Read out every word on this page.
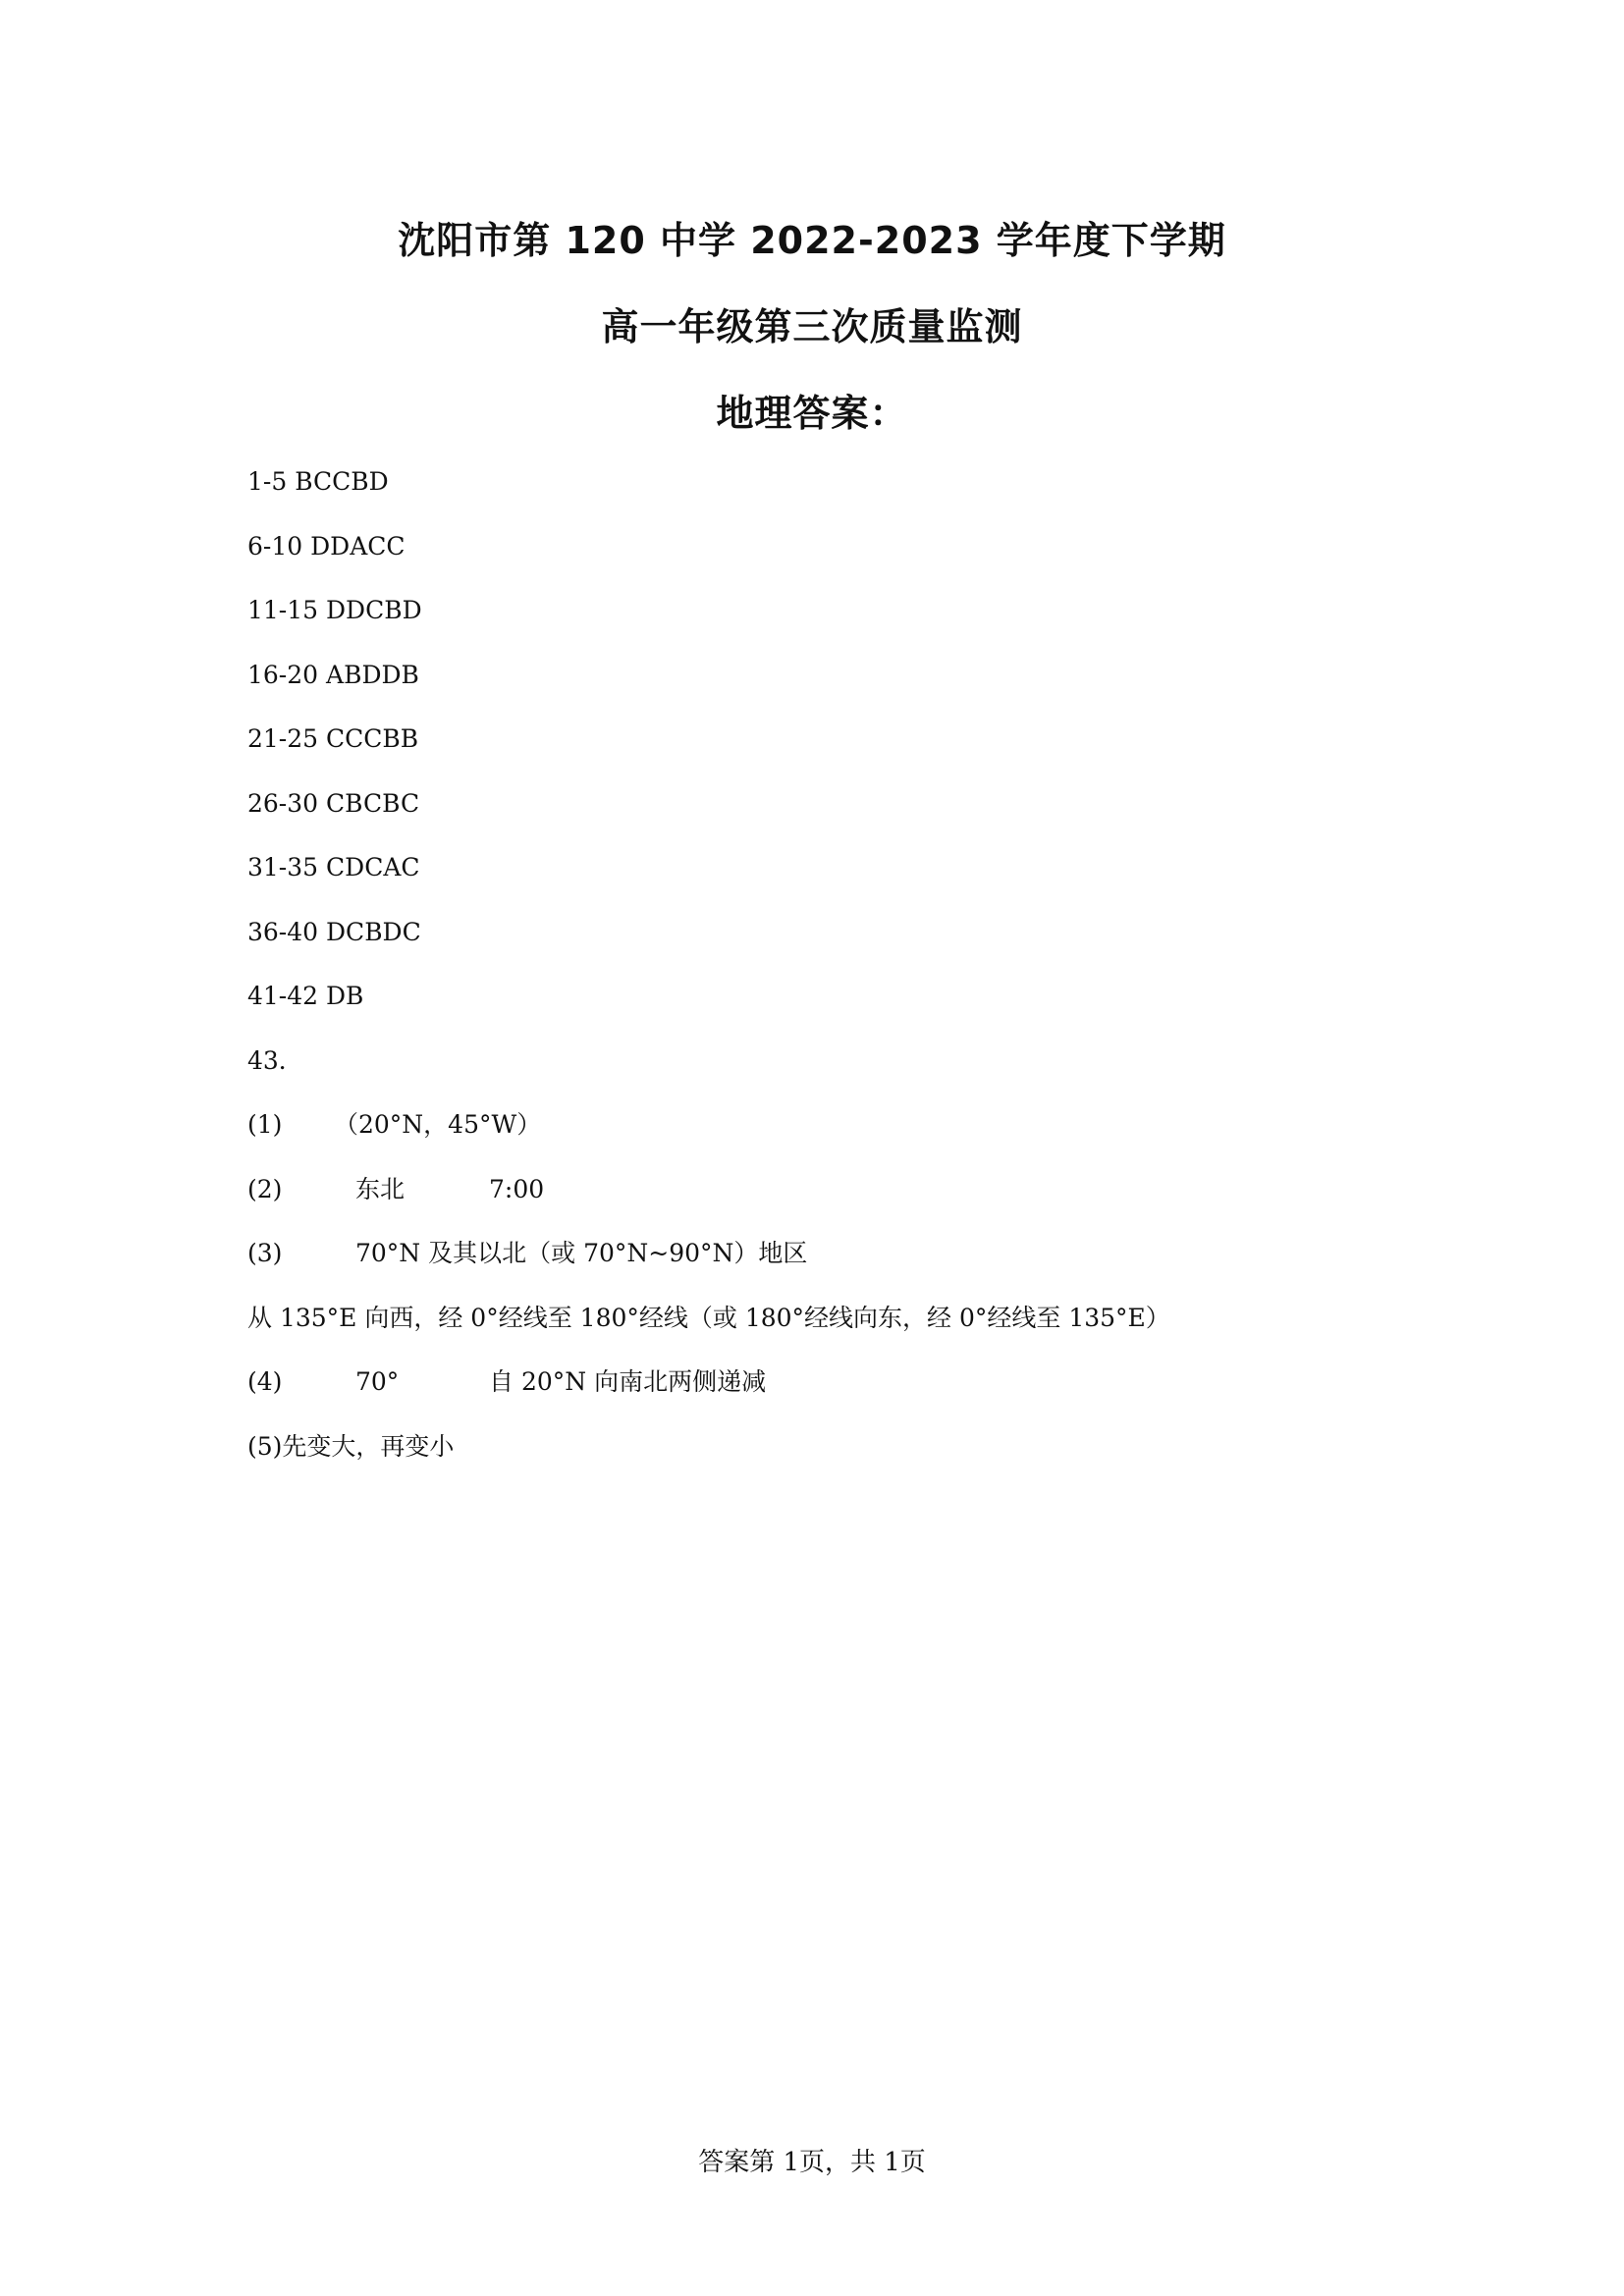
沈阳市第 120 中学 2022-2023 学年度下学期
高一年级第三次质量监测
地理答案：
1-5 BCCBD
6-10 DDACC
11-15 DDCBD
16-20 ABDDB
21-25 CCCBB
26-30 CBCBC
31-35 CDCAC
36-40 DCBDC
41-42 DB
43．
(1)	（20°N，45°W）
(2)	东北	7:00
(3)	70°N 及其以北（或 70°N~90°N）地区
从 135°E 向西，经 0°经线至 180°经线（或 180°经线向东，经 0°经线至 135°E）
(4)	70°	自 20°N 向南北两侧递减
(5)先变大，再变小
答案第 1页，共 1页
